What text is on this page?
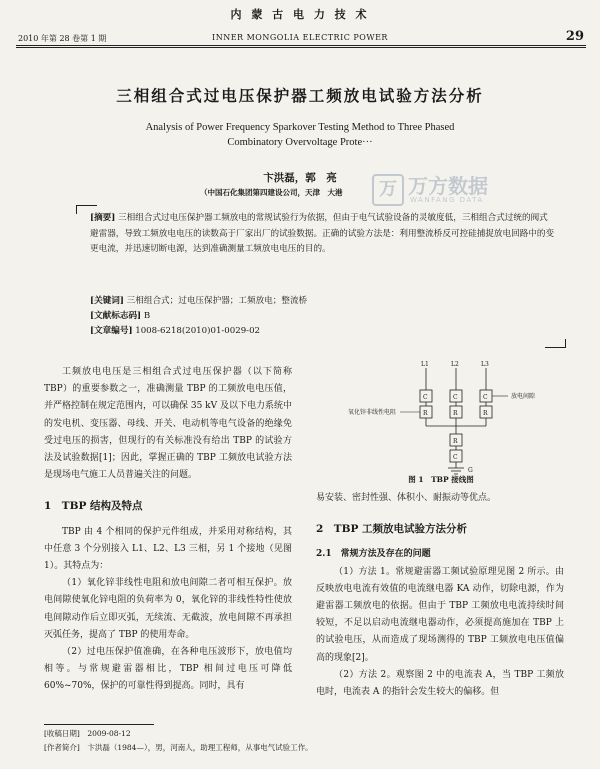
内 蒙 古 电 力 技 术
2010 年第 28 卷第 1 期	INNER MONGOLIA ELECTRIC POWER	29
三相组合式过电压保护器工频放电试验方法分析
Analysis of Power Frequency Sparkover Testing Method to Three Phased
Combinatory Overvoltage Prote···
卞洪磊，郭　亮
（中国石化集团第四建设公司，天津　大港	万 万方数据
WANFANG DATA
[摘要] 三相组合式过电压保护器工频放电的常规试验行为依据，但由于电气试验设备的灵敏度低，三相组合式过统的阀式避雷器，导致工频放电电压的读数高于厂家出厂的试验数据。正确的试验方法是：利用整流桥反可控硅捕捉放电回路中的变更电流，并迅速切断电源，达到准确测量工频放电电压的目的。
[关键词] 三相组合式；过电压保护器；工频放电；整流桥
[文献标志码] B
[文章编号] 1008-6218(2010)01-0029-02

工频放电电压是三相组合式过电压保护器（以下简称 TBP）的重要参数之一，准确测量 TBP 的工频放电电压值，并严格控制在规定范围内，可以确保 35 kV 及以下电力系统中的发电机、变压器、母线、开关、电动机等电气设备的绝缘免受过电压的损害，但现行的有关标准没有给出 TBP 的试验方法及试验数据[1]；因此，掌握正确的 TBP 工频放电试验方法是现场电气施工人员普遍关注的问题。

1　TBP 结构及特点

TBP 由 4 个相同的保护元件组成，并采用对称结构，其中任意 3 个分别接入 L1、L2、L3 三相，另 1 个接地（见图 1）。其特点为：

（1）氧化锌非线性电阻和放电间隙二者可相互保护。放电间隙使氧化锌电阻的负荷率为 0，氧化锌的非线性特性使放电间隙动作后立即灭弧，无续流、无截波，放电间隙不再承担灭弧任务，提高了 TBP 的使用寿命。

（2）过电压保护值准确，在各种电压波形下，放电值均相等。与常规避雷器相比，TBP 相间过电压可降低 60%~70%，保护的可靠性得到提高。同时，具有

L1	L2	L3
放电间隙
氧化锌非线性电阻
C	C	C
R	R	R
R
C
G
图 1　TBP 接线图
易安装、密封性强、体积小、耐振动等优点。
2　TBP 工频放电试验方法分析
2.1　常规方法及存在的问题

（1）方法 1。常规避雷器工频试验原理见图 2 所示。由反映放电电流有效值的电流继电器 KA 动作，切除电源，作为避雷器工频放电的依据。但由于 TBP 工频放电电流持续时间较短，不足以启动电流继电器动作，必须提高施加在 TBP 上的试验电压，从而造成了现场测得的 TBP 工频放电电压值偏高的现象[2]。

（2）方法 2。观察图 2 中的电流表 A，当 TBP 工频放电时，电流表 A 的指针会发生较大的偏移。但

[收稿日期]　2009-08-12
[作者简介]　卞洪磊（1984—），男，河南人，助理工程师，从事电气试验工作。
